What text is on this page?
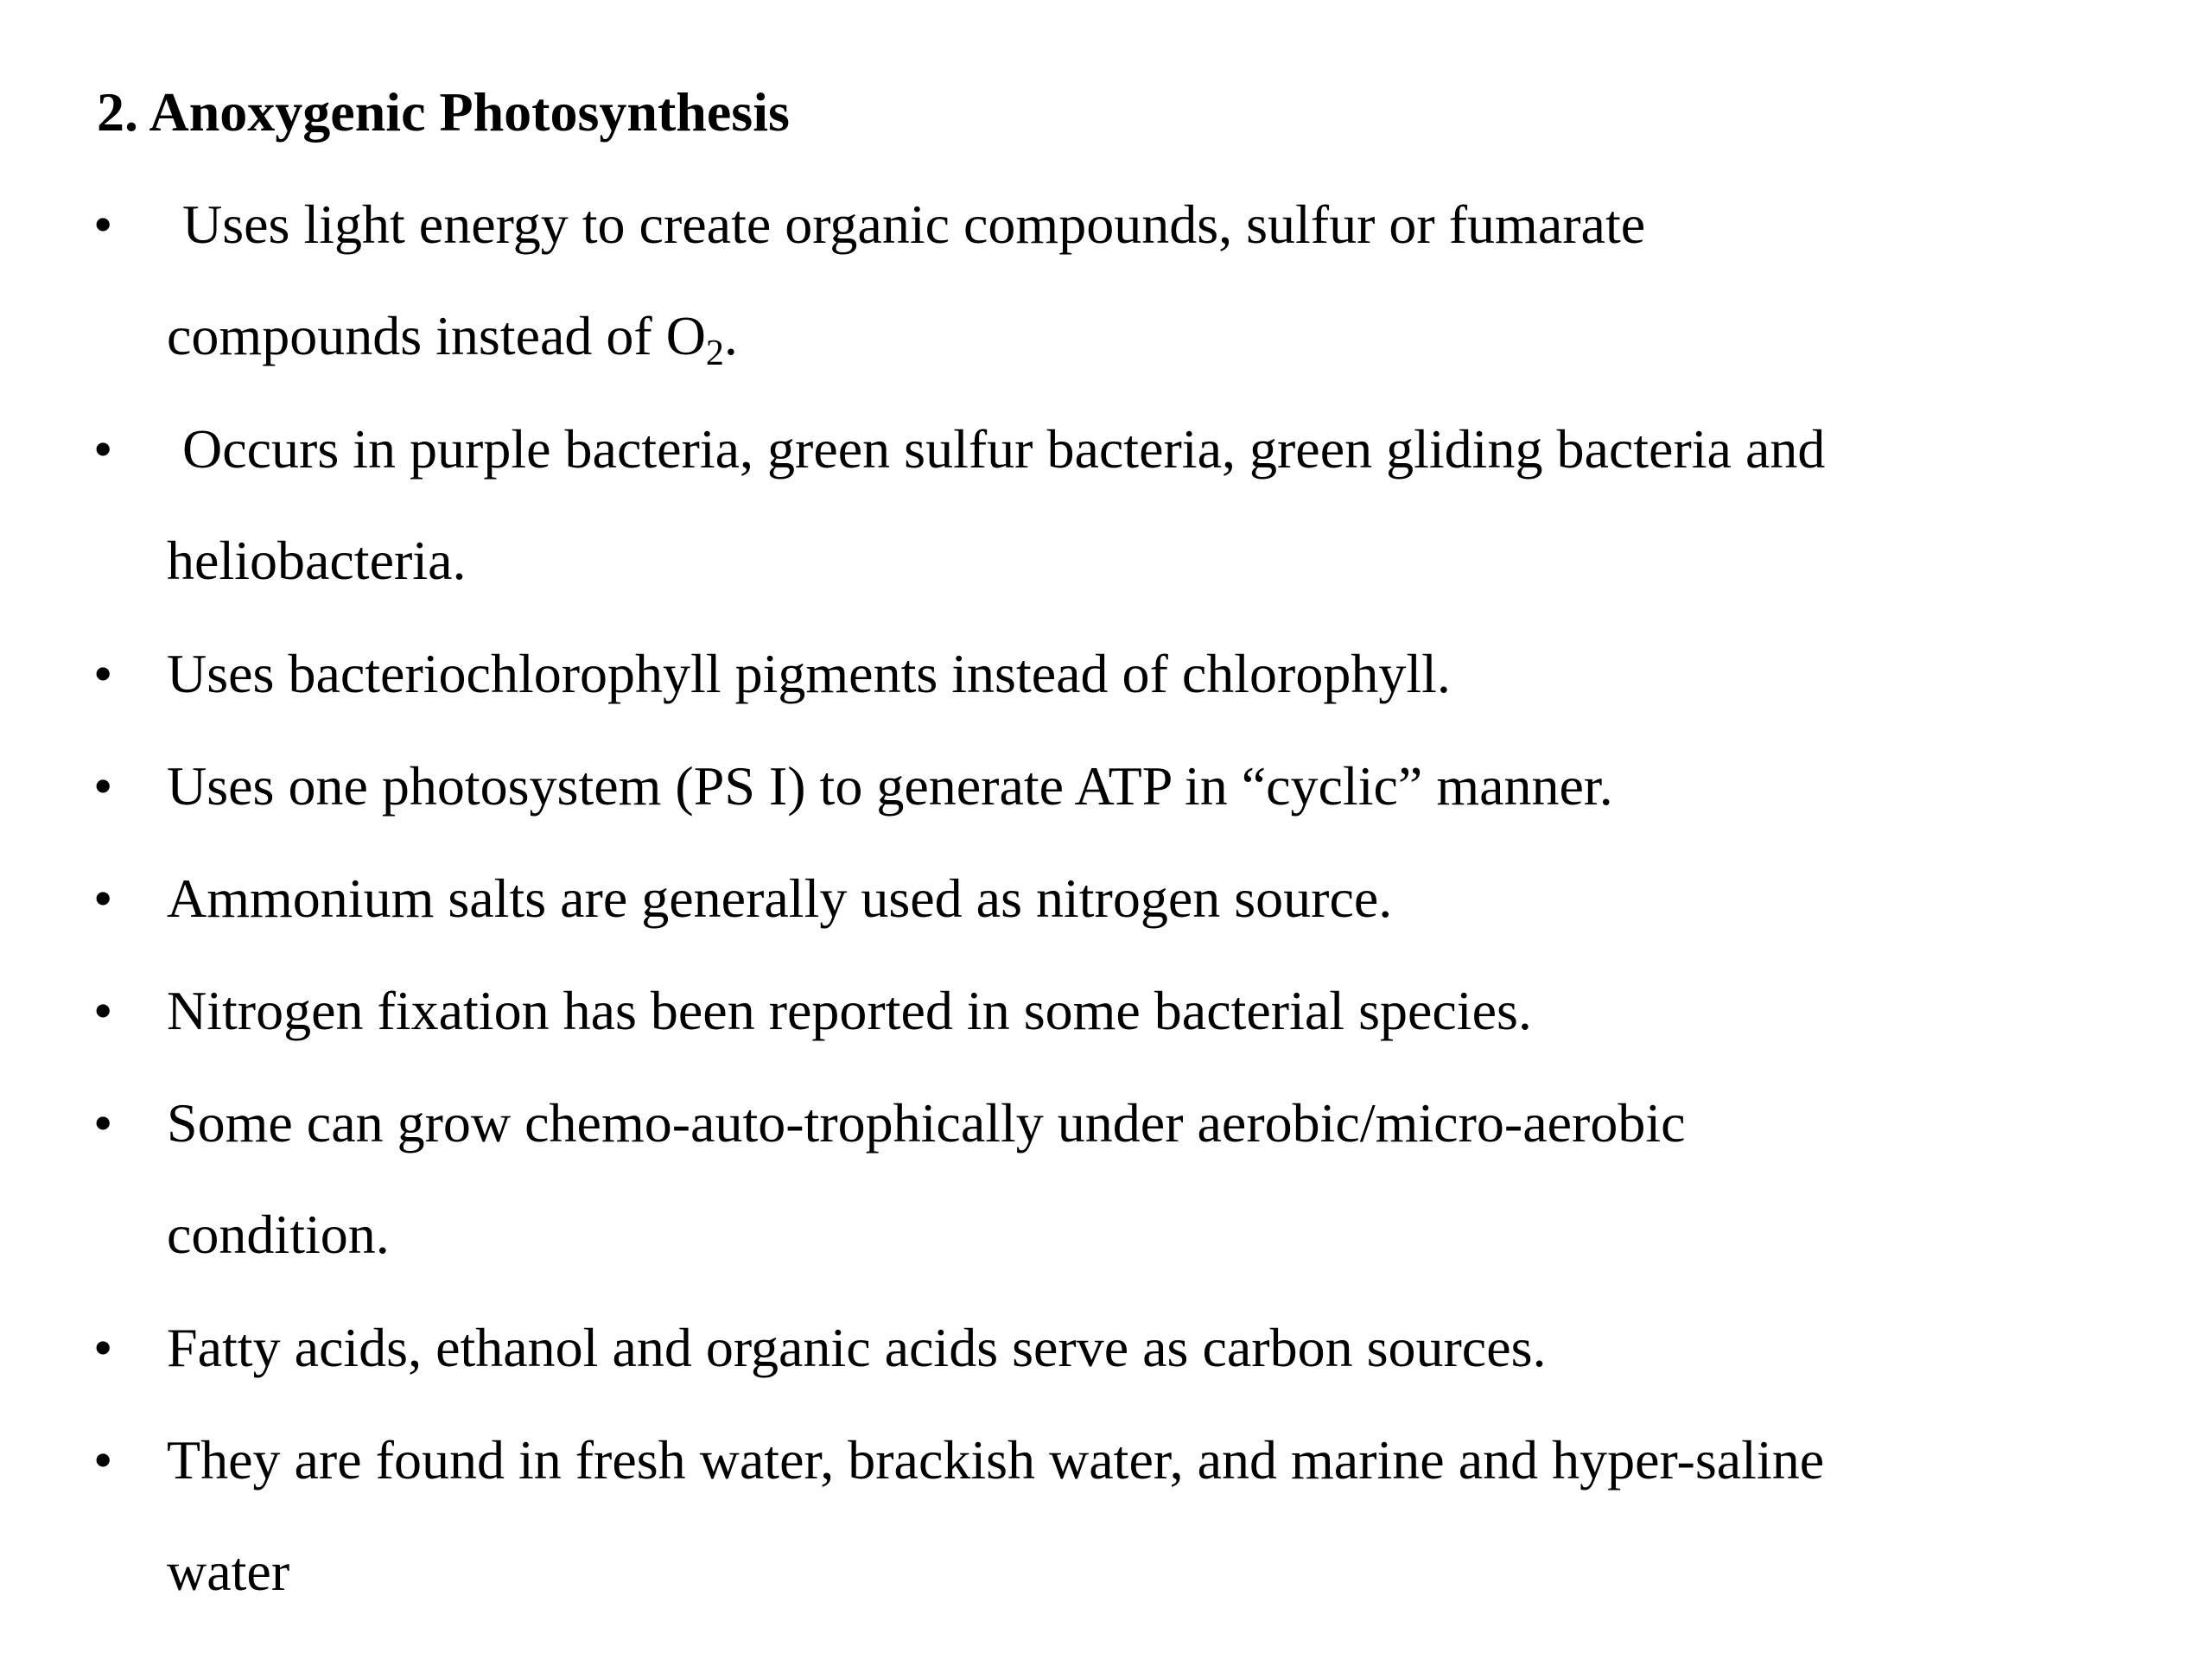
2. Anoxygenic Photosynthesis
• Uses light energy to create organic compounds, sulfur or fumarate
compounds instead of $O_2$.
• Occurs in purple bacteria, green sulfur bacteria, green gliding bacteria and
heliobacteria.
• Uses bacteriochlorophyll pigments instead of chlorophyll.
• Uses one photosystem (PS I) to generate ATP in “cyclic” manner.
• Ammonium salts are generally used as nitrogen source.
• Nitrogen fixation has been reported in some bacterial species.
• Some can grow chemo-auto-trophically under aerobic/micro-aerobic
condition.
• Fatty acids, ethanol and organic acids serve as carbon sources.
• They are found in fresh water, brackish water, and marine and hyper-saline
water
